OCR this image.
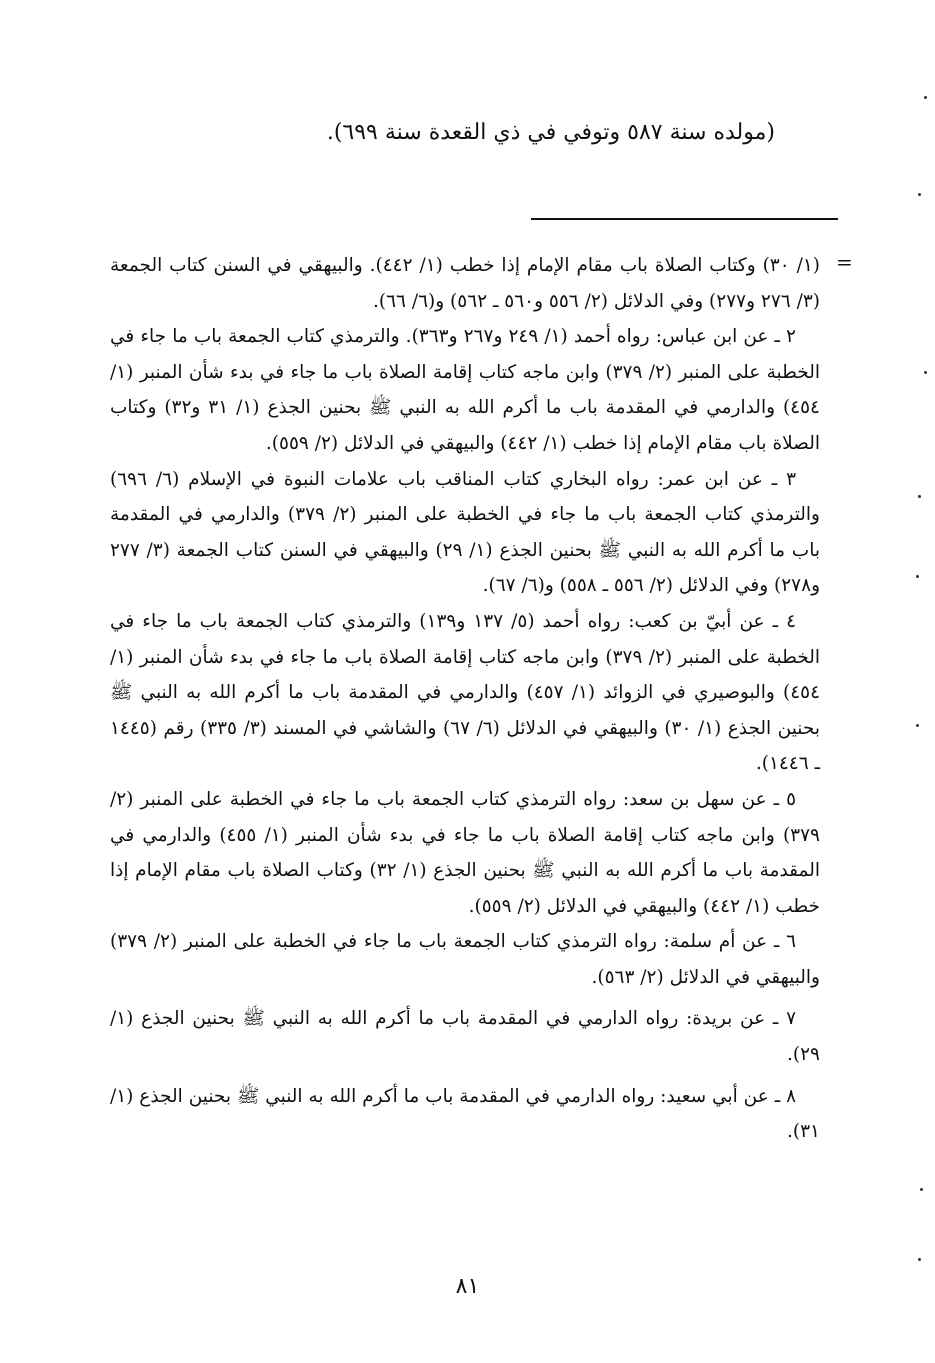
(مولده سنة ٥٨٧ وتوفي في ذي القعدة سنة ٦٩٩).
=

(١/ ٣٠) وكتاب الصلاة باب مقام الإمام إذا خطب (١/ ٤٤٢). والبيهقي في السنن كتاب الجمعة (٣/ ٢٧٦ و٢٧٧) وفي الدلائل (٢/ ٥٥٦ و٥٦٠ ـ ٥٦٢) و(٦/ ٦٦).

٢ ـ عن ابن عباس: رواه أحمد (١/ ٢٤٩ و٢٦٧ و٣٦٣). والترمذي كتاب الجمعة باب ما جاء في الخطبة على المنبر (٢/ ٣٧٩) وابن ماجه كتاب إقامة الصلاة باب ما جاء في بدء شأن المنبر (١/ ٤٥٤) والدارمي في المقدمة باب ما أكرم الله به النبي ﷺ بحنين الجذع (١/ ٣١ و٣٢) وكتاب الصلاة باب مقام الإمام إذا خطب (١/ ٤٤٢) والبيهقي في الدلائل (٢/ ٥٥٩).

٣ ـ عن ابن عمر: رواه البخاري كتاب المناقب باب علامات النبوة في الإسلام (٦/ ٦٩٦) والترمذي كتاب الجمعة باب ما جاء في الخطبة على المنبر (٢/ ٣٧٩) والدارمي في المقدمة باب ما أكرم الله به النبي ﷺ بحنين الجذع (١/ ٢٩) والبيهقي في السنن كتاب الجمعة (٣/ ٢٧٧ و٢٧٨) وفي الدلائل (٢/ ٥٥٦ ـ ٥٥٨) و(٦/ ٦٧).

٤ ـ عن أبيّ بن كعب: رواه أحمد (٥/ ١٣٧ و١٣٩) والترمذي كتاب الجمعة باب ما جاء في الخطبة على المنبر (٢/ ٣٧٩) وابن ماجه كتاب إقامة الصلاة باب ما جاء في بدء شأن المنبر (١/ ٤٥٤) والبوصيري في الزوائد (١/ ٤٥٧) والدارمي في المقدمة باب ما أكرم الله به النبي ﷺ بحنين الجذع (١/ ٣٠) والبيهقي في الدلائل (٦/ ٦٧) والشاشي في المسند (٣/ ٣٣٥) رقم (١٤٤٥ ـ ١٤٤٦).

٥ ـ عن سهل بن سعد: رواه الترمذي كتاب الجمعة باب ما جاء في الخطبة على المنبر (٢/ ٣٧٩) وابن ماجه كتاب إقامة الصلاة باب ما جاء في بدء شأن المنبر (١/ ٤٥٥) والدارمي في المقدمة باب ما أكرم الله به النبي ﷺ بحنين الجذع (١/ ٣٢) وكتاب الصلاة باب مقام الإمام إذا خطب (١/ ٤٤٢) والبيهقي في الدلائل (٢/ ٥٥٩).

٦ ـ عن أم سلمة: رواه الترمذي كتاب الجمعة باب ما جاء في الخطبة على المنبر (٢/ ٣٧٩) والبيهقي في الدلائل (٢/ ٥٦٣).

٧ ـ عن بريدة: رواه الدارمي في المقدمة باب ما أكرم الله به النبي ﷺ بحنين الجذع (١/ ٢٩).

٨ ـ عن أبي سعيد: رواه الدارمي في المقدمة باب ما أكرم الله به النبي ﷺ بحنين الجذع (١/ ٣١).

٨١
